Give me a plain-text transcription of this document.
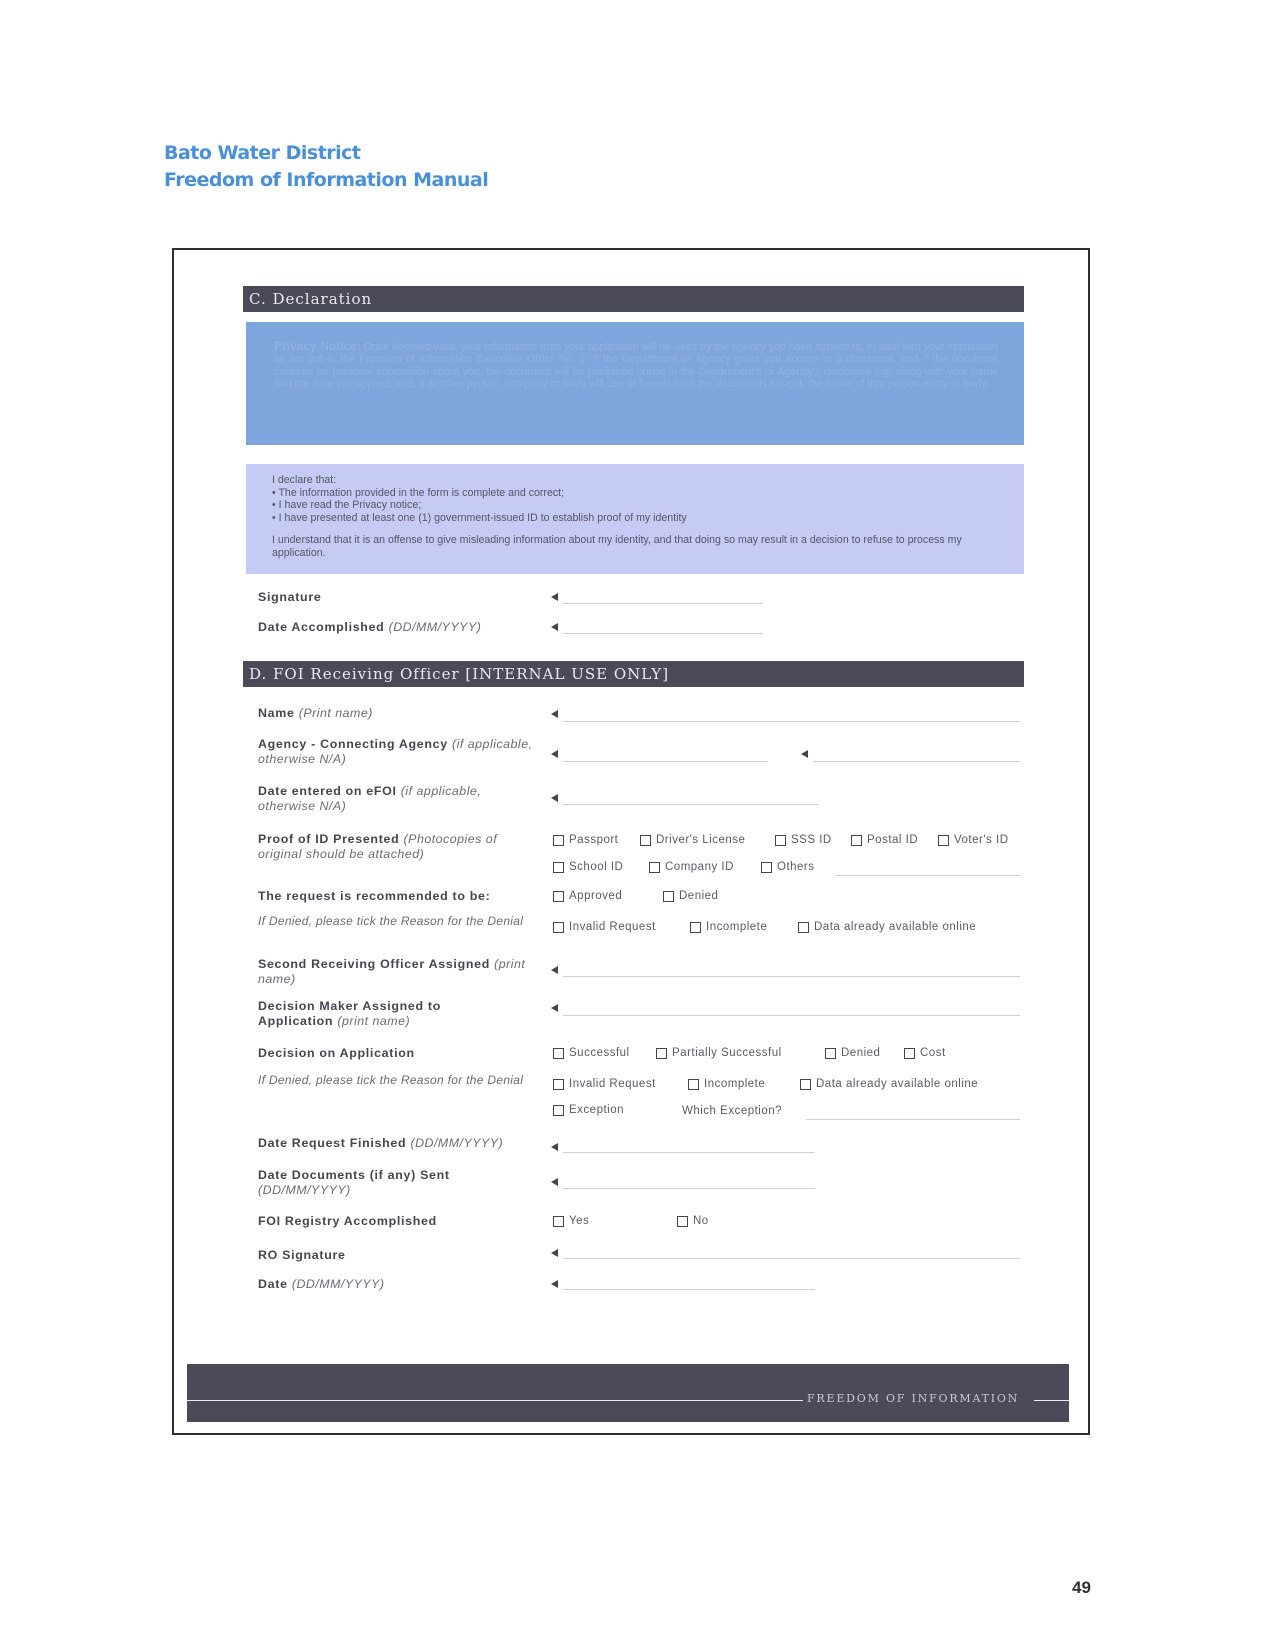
Bato Water District
Freedom of Information Manual
C. Declaration
Privacy Notice: Once deemed valid, your information from your application will be used by the agency you have applied to, to deal with your application as set out in the Freedom of Information Executive Order No. 2. If the Department or Agency gives you access to a document, and if the document contains no personal information about you, the document will be published online in the Department's or Agency's disclosure log, along with your name and the date you applied, and, if another person, company or body will use or benefit from the documents sought, the name of that person,entity or body.
I declare that:
• The information provided in the form is complete and correct;
• I have read the Privacy notice;
• I have presented at least one (1) government-issued ID to establish proof of my identity
I understand that it is an offense to give misleading information about my identity, and that doing so may result in a decision to refuse to process my application.
Signature
Date Accomplished (DD/MM/YYYY)
D. FOI Receiving Officer [INTERNAL USE ONLY]
Name (Print name)
Agency - Connecting Agency (if applicable, otherwise N/A)
Date entered on eFOI (if applicable, otherwise N/A)
Proof of ID Presented (Photocopies of original should be attached)
Passport	Driver's License	SSS ID	Postal ID	Voter's ID
School ID	Company ID	Others
The request is recommended to be:	Approved	Denied
If Denied, please tick the Reason for the Denial	Invalid Request	Incomplete	Data already available online
Second Receiving Officer Assigned (print name)
Decision Maker Assigned to Application (print name)
Decision on Application	Successful	Partially Successful	Denied	Cost
If Denied, please tick the Reason for the Denial	Invalid Request	Incomplete	Data already available online
Exception	Which Exception?
Date Request Finished (DD/MM/YYYY)
Date Documents (if any) Sent (DD/MM/YYYY)
FOI Registry Accomplished	Yes	No
RO Signature
Date (DD/MM/YYYY)
FREEDOM OF INFORMATION
49
